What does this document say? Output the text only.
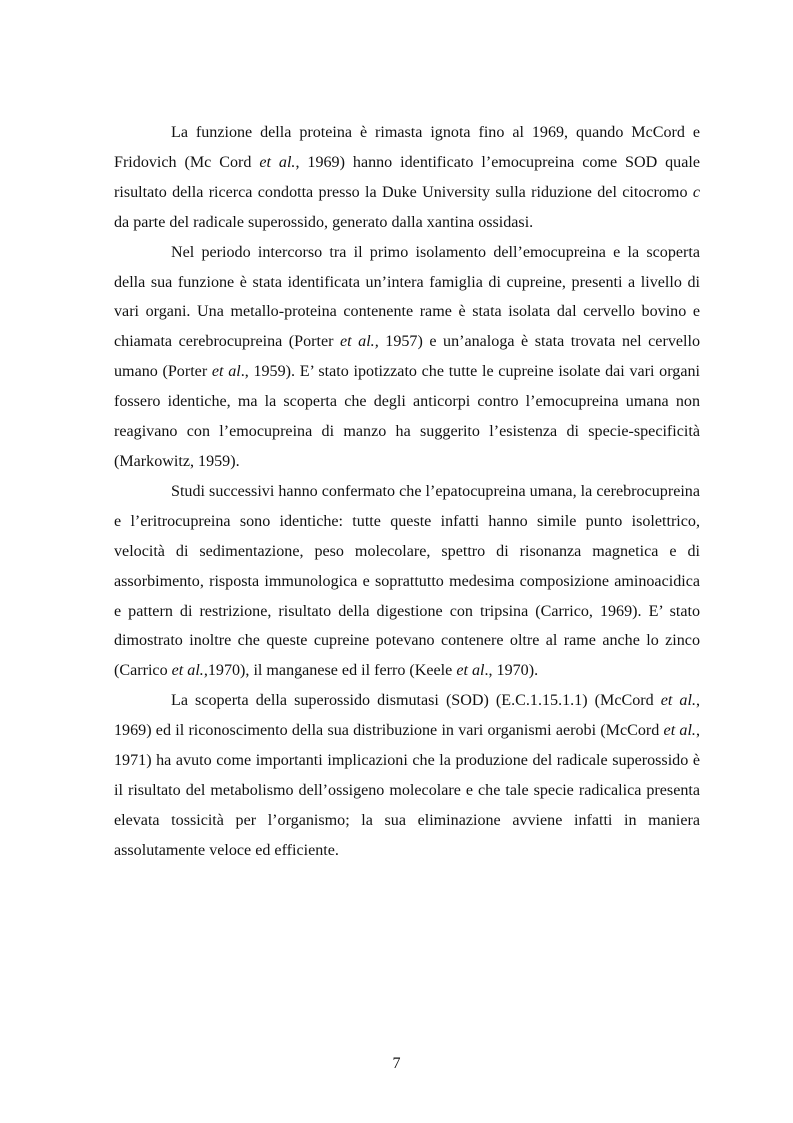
La funzione della proteina è rimasta ignota fino al 1969, quando McCord e Fridovich (Mc Cord et al., 1969) hanno identificato l’emocupreina come SOD quale risultato della ricerca condotta presso la Duke University sulla riduzione del citocromo c da parte del radicale superossido, generato dalla xantina ossidasi.

Nel periodo intercorso tra il primo isolamento dell’emocupreina e la scoperta della sua funzione è stata identificata un’intera famiglia di cupreine, presenti a livello di vari organi. Una metallo-proteina contenente rame è stata isolata dal cervello bovino e chiamata cerebrocupreina (Porter et al., 1957) e un’analoga è stata trovata nel cervello umano (Porter et al., 1959). E’ stato ipotizzato che tutte le cupreine isolate dai vari organi fossero identiche, ma la scoperta che degli anticorpi contro l’emocupreina umana non reagivano con l’emocupreina di manzo ha suggerito l’esistenza di specie-specificità (Markowitz, 1959).

Studi successivi hanno confermato che l’epatocupreina umana, la cerebrocupreina e l’eritrocupreina sono identiche: tutte queste infatti hanno simile punto isolettrico, velocità di sedimentazione, peso molecolare, spettro di risonanza magnetica e di assorbimento, risposta immunologica e soprattutto medesima composizione aminoacidica e pattern di restrizione, risultato della digestione con tripsina (Carrico, 1969). E’ stato dimostrato inoltre che queste cupreine potevano contenere oltre al rame anche lo zinco (Carrico et al.,1970), il manganese ed il ferro (Keele et al., 1970).

La scoperta della superossido dismutasi (SOD) (E.C.1.15.1.1) (McCord et al., 1969) ed il riconoscimento della sua distribuzione in vari organismi aerobi (McCord et al., 1971) ha avuto come importanti implicazioni che la produzione del radicale superossido è il risultato del metabolismo dell’ossigeno molecolare e che tale specie radicalica presenta elevata tossicità per l’organismo; la sua eliminazione avviene infatti in maniera assolutamente veloce ed efficiente.

7
